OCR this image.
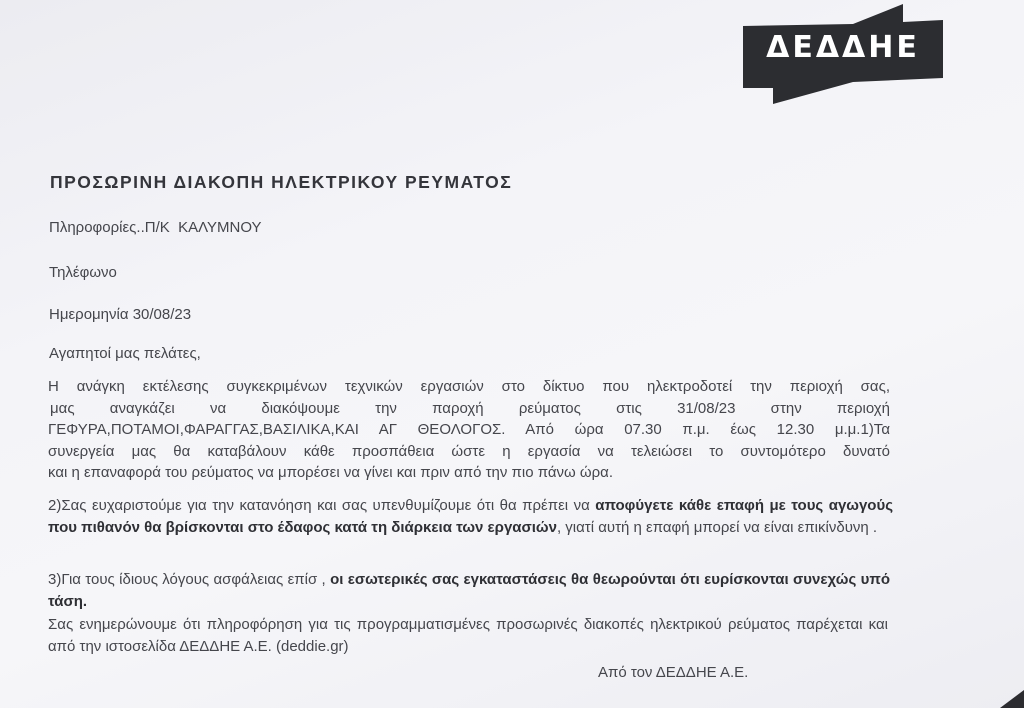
ΔΕΔΔΗΕ
ΠΡΟΣΩΡΙΝΗ ΔΙΑΚΟΠΗ ΗΛΕΚΤΡΙΚΟΥ ΡΕΥΜΑΤΟΣ
Πληροφορίες..Π/Κ  ΚΑΛΥΜΝΟΥ
Τηλέφωνο
Ημερομηνία 30/08/23
Αγαπητοί μας πελάτες,
Η ανάγκη εκτέλεσης συγκεκριμένων τεχνικών εργασιών στο δίκτυο που ηλεκτροδοτεί την περιοχή σας,
μας αναγκάζει να διακόψουμε την παροχή ρεύματος στις 31/08/23 στην περιοχή
ΓΕΦΥΡΑ,ΠΟΤΑΜΟΙ,ΦΑΡΑΓΓΑΣ,ΒΑΣΙΛΙΚΑ,ΚΑΙ ΑΓ ΘΕΟΛΟΓΟΣ. Από ώρα 07.30 π.μ. έως 12.30 μ.μ.1)Τα
συνεργεία μας θα καταβάλουν κάθε προσπάθεια ώστε η εργασία να τελειώσει το συντομότερο δυνατό
και η επαναφορά του ρεύματος να μπορέσει να γίνει και πριν από την πιο πάνω ώρα.

2)Σας ευχαριστούμε για την κατανόηση και σας υπενθυμίζουμε ότι θα πρέπει να αποφύγετε κάθε επαφή με τους αγωγούς που πιθανόν θα βρίσκονται στο έδαφος κατά τη διάρκεια των εργασιών, γιατί αυτή η επαφή μπορεί να είναι επικίνδυνη .

3)Για τους ίδιους λόγους ασφάλειας επίσ , οι εσωτερικές σας εγκαταστάσεις θα θεωρούνται ότι ευρίσκονται συνεχώς υπό τάση.

Σας ενημερώνουμε ότι πληροφόρηση για τις προγραμματισμένες προσωρινές διακοπές ηλεκτρικού ρεύματος παρέχεται και από την ιστοσελίδα ΔΕΔΔΗΕ Α.Ε. (deddie.gr)

Από τον ΔΕΔΔΗΕ Α.Ε.
